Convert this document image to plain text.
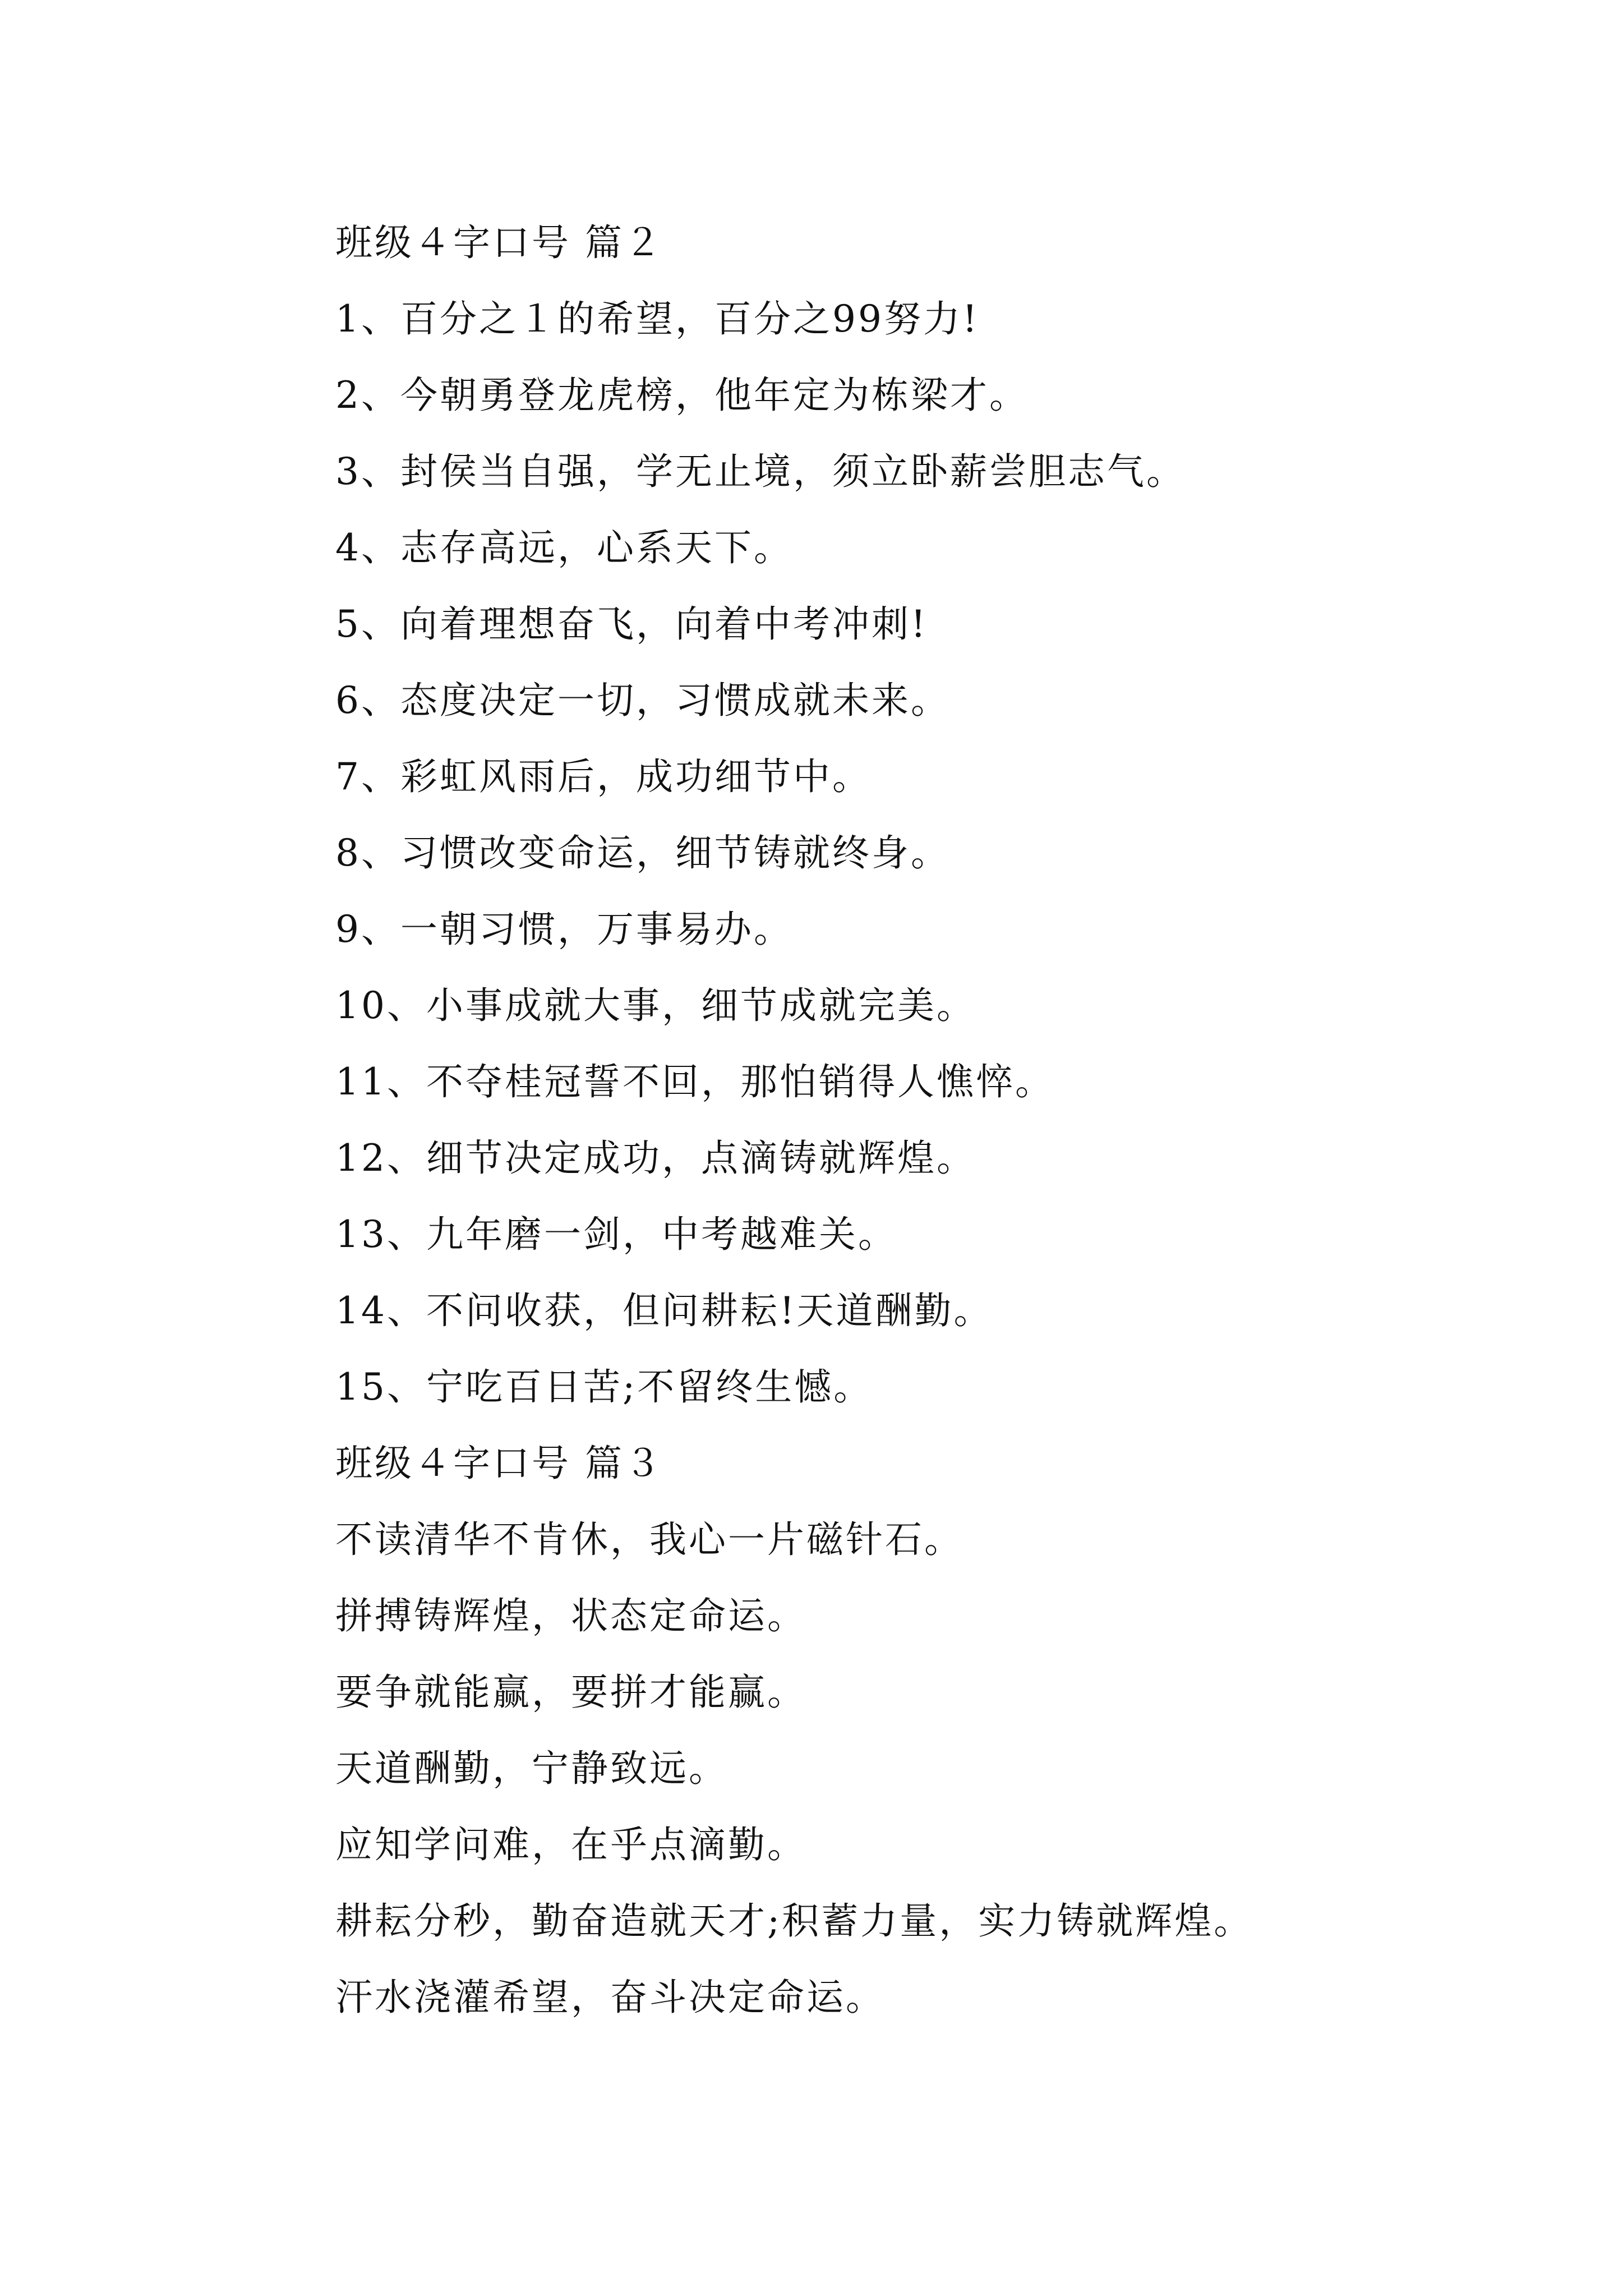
班级４字口号 篇２
1、百分之１的希望，百分之99努力!
2、今朝勇登龙虎榜，他年定为栋梁才。
3、封侯当自强，学无止境，须立卧薪尝胆志气。
4、志存高远，心系天下。
5、向着理想奋飞，向着中考冲刺!
6、态度决定一切，习惯成就未来。
7、彩虹风雨后，成功细节中。
8、习惯改变命运，细节铸就终身。
9、一朝习惯，万事易办。
10、小事成就大事，细节成就完美。
11、不夺桂冠誓不回，那怕销得人憔悴。
12、细节决定成功，点滴铸就辉煌。
13、九年磨一剑，中考越难关。
14、不问收获，但问耕耘!天道酬勤。
15、宁吃百日苦;不留终生憾。
班级４字口号 篇３
不读清华不肯休，我心一片磁针石。
拼搏铸辉煌，状态定命运。
要争就能赢，要拼才能赢。
天道酬勤，宁静致远。
应知学问难，在乎点滴勤。
耕耘分秒，勤奋造就天才;积蓄力量，实力铸就辉煌。
汗水浇灌希望，奋斗决定命运。
